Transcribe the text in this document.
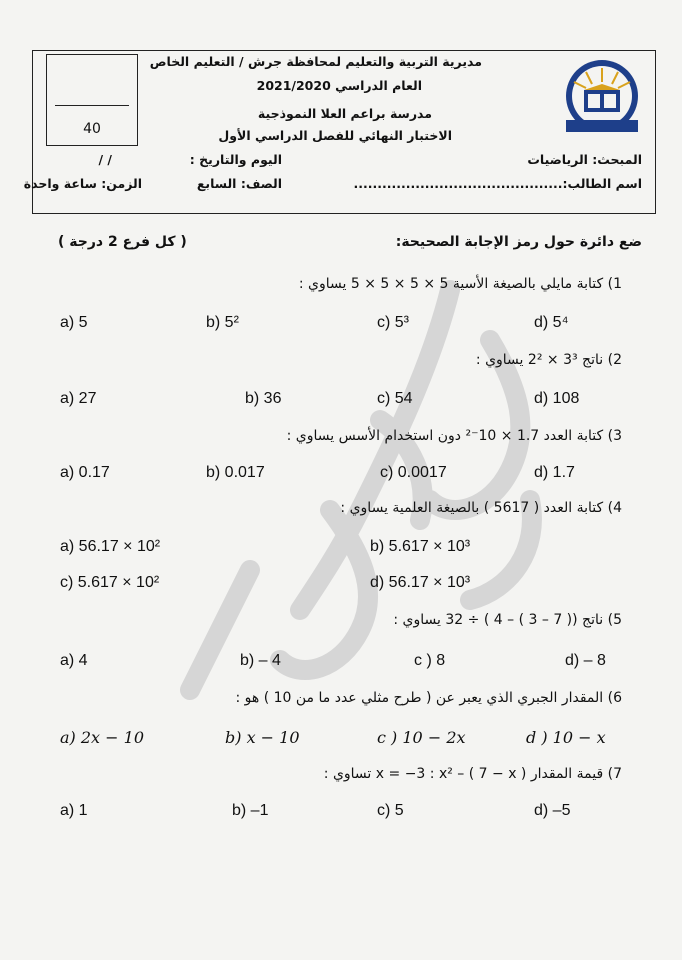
40
مديرية التربية والتعليم لمحافظة جرش / التعليم الخاص
العام الدراسي 2021/2020
مدرسة براعم العلا النموذجية
الاختبار النهائي للفصل الدراسي الأول
المبحث: الرياضيات
اليوم والتاريخ :
/ /
اسم الطالب:............................................
الصف: السابع
الزمن: ساعة واحدة
ضع دائرة حول رمز الإجابة الصحيحة:
( كل فرع 2 درجة )
1) كتابة مايلي بالصيغة الأسية 5 × 5 × 5 × 5 يساوي :
a) 5	b) 5²	c) 5³	d) 5⁴
2) ناتج 3³ × 2² يساوي :
a) 27	b) 36	c) 54	d) 108
3) كتابة العدد 1.7 × 10⁻² دون استخدام الأسس يساوي :
a) 0.17	b) 0.017	c) 0.0017	d) 1.7
4) كتابة العدد ( 5617 ) بالصيغة العلمية يساوي :
a) 56.17 × 10²	b) 5.617 × 10³
c) 5.617 × 10²	d) 56.17 × 10³
5) ناتج (( 7 – 3 ) – 4 ) ÷ 32 يساوي :
a) 4	b) – 4	c ) 8	d) – 8
6) المقدار الجبري الذي يعبر عن ( طرح مثلي عدد ما من 10 ) هو :
a) 2x − 10	b) x − 10	c ) 10 − 2x	d ) 10 − x
7) قيمة المقدار x = −3 : x² – ( 7 − x ) تساوي :
a) 1	b) –1	c) 5	d) –5
